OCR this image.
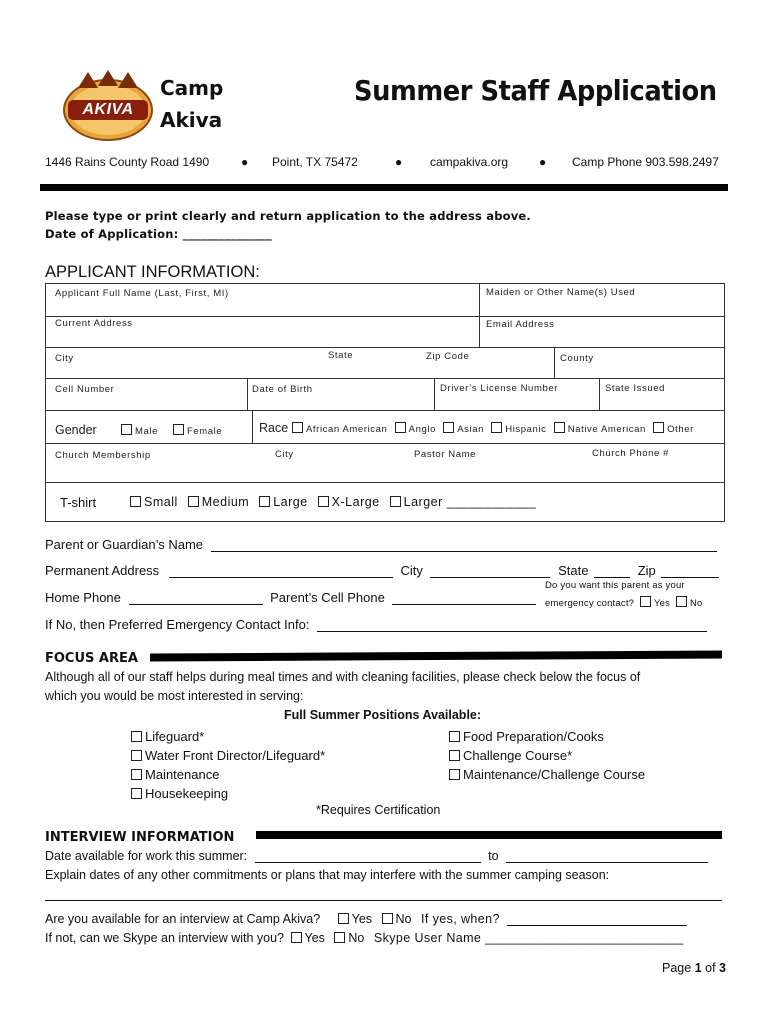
AKIVA
Camp
Akiva
Summer Staff Application
1446 Rains County Road 1490	● Point, TX 75472	● campakiva.org	● Camp Phone 903.598.2497
Please type or print clearly and return application to the address above.
Date of Application: _______________
APPLICANT INFORMATION:
Applicant Full Name (Last, First, MI)	Maiden or Other Name(s) Used
Current Address	Email Address
City	State	Zip Code	County
Cell Number	Date of Birth	Driver’s License Number	State Issued
Gender	Male	Female	Race	African American Anglo Asian Hispanic Native American Other
Church Membership	City	Pastor Name	Church Phone #
T-shirt	Small Medium Large X-Large Larger ____________
Parent or Guardian’s Name
Permanent Address	City	State	Zip
Home Phone	Parent’s Cell Phone
Do you want this parent as your
emergency contact? Yes No
If No, then Preferred Emergency Contact Info:
FOCUS AREA
Although all of our staff helps during meal times and with cleaning facilities, please check below the focus of
which you would be most interested in serving:
Full Summer Positions Available:
Lifeguard*
Water Front Director/Lifeguard*
Maintenance
Housekeeping
Food Preparation/Cooks
Challenge Course*
Maintenance/Challenge Course
*Requires Certification
INTERVIEW INFORMATION
Date available for work this summer:	to
Explain dates of any other commitments or plans that may interfere with the summer camping season:
Are you available for an interview at Camp Akiva?	Yes No If yes, when?
If not, can we Skype an interview with you? Yes No Skype User Name ___________________________
Page 1 of 3
